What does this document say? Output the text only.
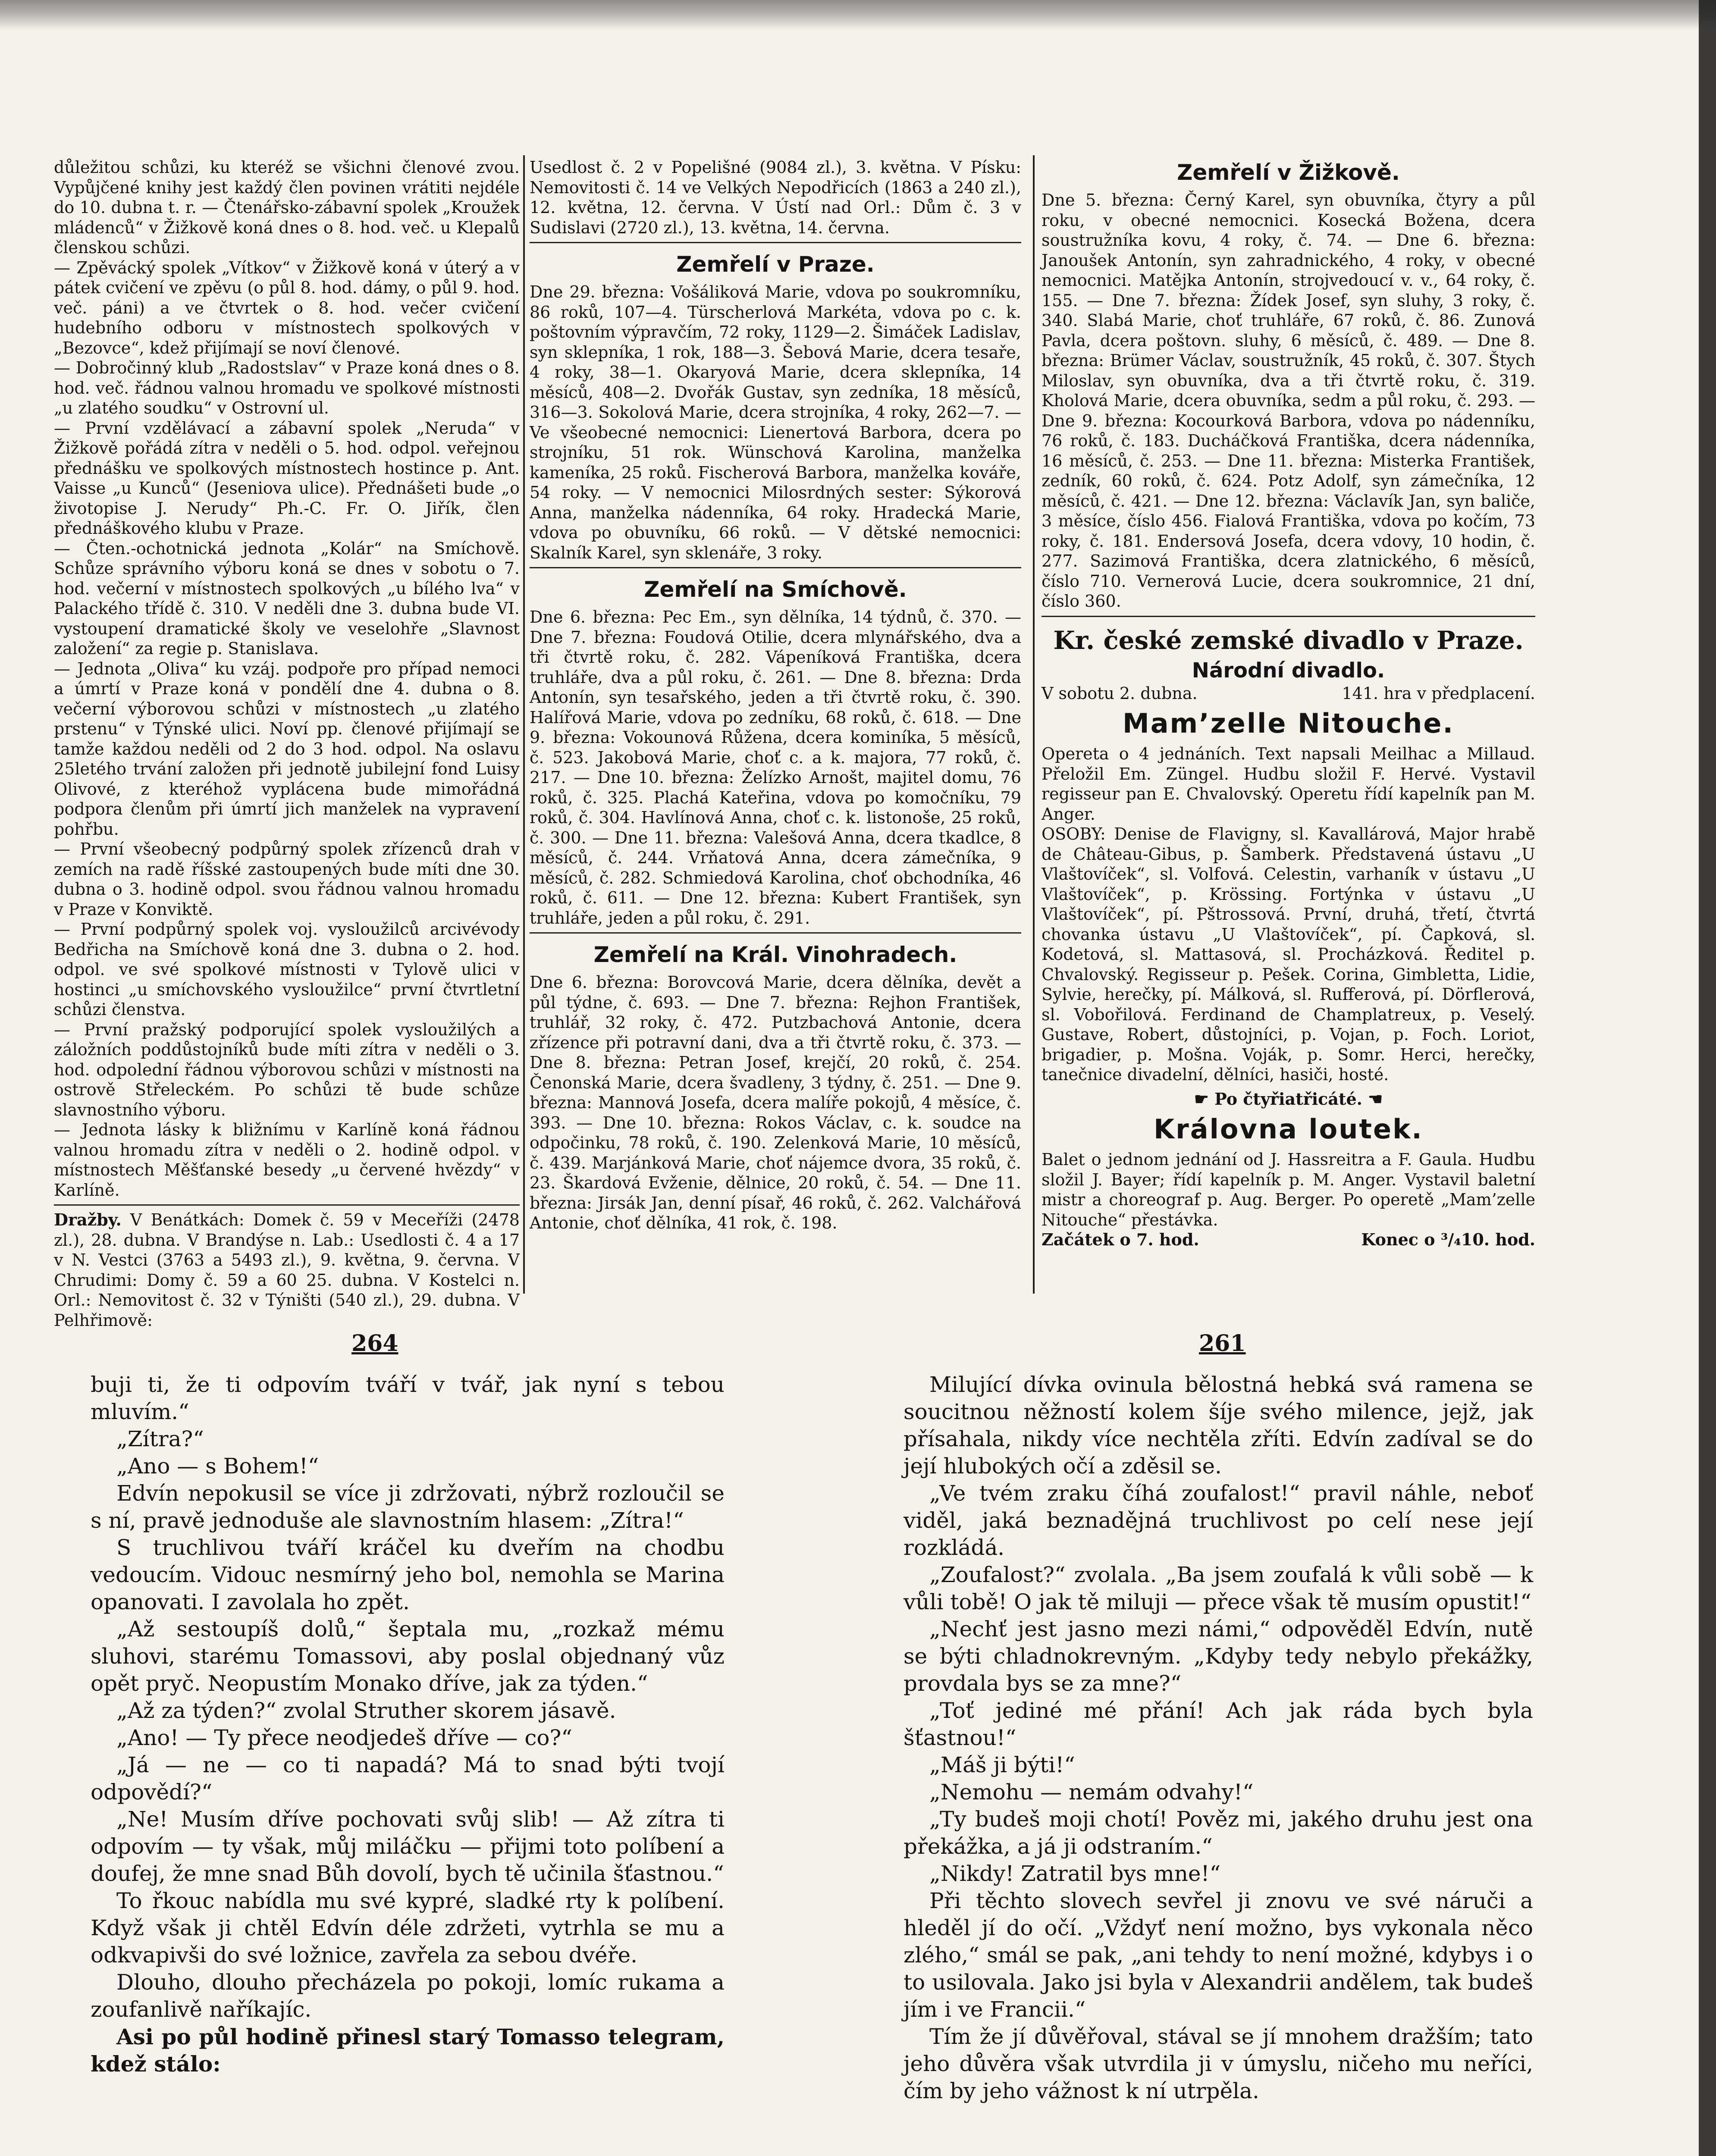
důležitou schůzi, ku kteréž se všichni členové zvou. Vypůjčené knihy jest každý člen povinen vrátiti nejdéle do 10. dubna t. r. — Čtenářsko-zábavní spolek „Kroužek mládenců“ v Žižkově koná dnes o 8. hod. več. u Klepalů členskou schůzi.

— Zpěvácký spolek „Vítkov“ v Žižkově koná v úterý a v pátek cvičení ve zpěvu (o půl 8. hod. dámy, o půl 9. hod. več. páni) a ve čtvrtek o 8. hod. večer cvičení hudebního odboru v místnostech spolkových v „Bezovce“, kdež přijímají se noví členové.

— Dobročinný klub „Radostslav“ v Praze koná dnes o 8. hod. več. řádnou valnou hromadu ve spolkové místnosti „u zlatého soudku“ v Ostrovní ul.

— První vzdělávací a zábavní spolek „Neruda“ v Žižkově pořádá zítra v neděli o 5. hod. odpol. veřejnou přednášku ve spolkových místnostech hostince p. Ant. Vaisse „u Kunců“ (Jeseniova ulice). Přednášeti bude „o životopise J. Nerudy“ Ph.-C. Fr. O. Jiřík, člen přednáškového klubu v Praze.

— Čten.-ochotnická jednota „Kolár“ na Smíchově. Schůze správního výboru koná se dnes v sobotu o 7. hod. večerní v místnostech spolkových „u bílého lva“ v Palackého třídě č. 310. V neděli dne 3. dubna bude VI. vystoupení dramatické školy ve veselohře „Slavnost založení“ za regie p. Stanislava.

— Jednota „Oliva“ ku vzáj. podpoře pro případ nemoci a úmrtí v Praze koná v pondělí dne 4. dubna o 8. večerní výborovou schůzi v místnostech „u zlatého prstenu“ v Týnské ulici. Noví pp. členové přijímají se tamže každou neděli od 2 do 3 hod. odpol. Na oslavu 25letého trvání založen při jednotě jubilejní fond Luisy Olivové, z kteréhož vyplácena bude mimořádná podpora členům při úmrtí jich manželek na vypravení pohřbu.

— První všeobecný podpůrný spolek zřízenců drah v zemích na radě říšské zastoupených bude míti dne 30. dubna o 3. hodině odpol. svou řádnou valnou hromadu v Praze v Konviktě.

— První podpůrný spolek voj. vysloužilců arcivévody Bedřicha na Smíchově koná dne 3. dubna o 2. hod. odpol. ve své spolkové místnosti v Tylově ulici v hostinci „u smíchovského vysloužilce“ první čtvrtletní schůzi členstva.

— První pražský podporující spolek vysloužilých a záložních poddůstojníků bude míti zítra v neděli o 3. hod. odpolední řádnou výborovou schůzi v místnosti na ostrově Střeleckém. Po schůzi tě bude schůze slavnostního výboru.

— Jednota lásky k bližnímu v Karlíně koná řádnou valnou hromadu zítra v neděli o 2. hodině odpol. v místnostech Měšťanské besedy „u červené hvězdy“ v Karlíně.

Dražby. V Benátkách: Domek č. 59 v Meceříži (2478 zl.), 28. dubna. V Brandýse n. Lab.: Usedlosti č. 4 a 17 v N. Vestci (3763 a 5493 zl.), 9. května, 9. června. V Chrudimi: Domy č. 59 a 60 25. dubna. V Kostelci n. Orl.: Nemovitost č. 32 v Týništi (540 zl.), 29. dubna. V Pelhřimově:

Usedlost č. 2 v Popelišné (9084 zl.), 3. května. V Písku: Nemovitosti č. 14 ve Velkých Nepodřicích (1863 a 240 zl.), 12. května, 12. června. V Ústí nad Orl.: Dům č. 3 v Sudislavi (2720 zl.), 13. května, 14. června.

Zemřelí v Praze.

Dne 29. března: Vošáliková Marie, vdova po soukromníku, 86 roků, 107—4. Türscherlová Markéta, vdova po c. k. poštovním výpravčím, 72 roky, 1129—2. Šimáček Ladislav, syn sklepníka, 1 rok, 188—3. Šebová Marie, dcera tesaře, 4 roky, 38—1. Okaryová Marie, dcera sklepníka, 14 měsíců, 408—2. Dvořák Gustav, syn zedníka, 18 měsíců, 316—3. Sokolová Marie, dcera strojníka, 4 roky, 262—7. — Ve všeobecné nemocnici: Lienertová Barbora, dcera po strojníku, 51 rok. Wünschová Karolina, manželka kameníka, 25 roků. Fischerová Barbora, manželka kováře, 54 roky. — V nemocnici Milosrdných sester: Sýkorová Anna, manželka nádenníka, 64 roky. Hradecká Marie, vdova po obuvníku, 66 roků. — V dětské nemocnici: Skalník Karel, syn sklenáře, 3 roky.

Zemřelí na Smíchově.

Dne 6. března: Pec Em., syn dělníka, 14 týdnů, č. 370. — Dne 7. března: Foudová Otilie, dcera mlynářského, dva a tři čtvrtě roku, č. 282. Vápeníková Františka, dcera truhláře, dva a půl roku, č. 261. — Dne 8. března: Drda Antonín, syn tesařského, jeden a tři čtvrtě roku, č. 390. Halířová Marie, vdova po zedníku, 68 roků, č. 618. — Dne 9. března: Vokounová Růžena, dcera kominíka, 5 měsíců, č. 523. Jakobová Marie, choť c. a k. majora, 77 roků, č. 217. — Dne 10. března: Želízko Arnošt, majitel domu, 76 roků, č. 325. Plachá Kateřina, vdova po komočníku, 79 roků, č. 304. Havlínová Anna, choť c. k. listonoše, 25 roků, č. 300. — Dne 11. března: Valešová Anna, dcera tkadlce, 8 měsíců, č. 244. Vrňatová Anna, dcera zámečníka, 9 měsíců, č. 282. Schmiedová Karolina, choť obchodníka, 46 roků, č. 611. — Dne 12. března: Kubert František, syn truhláře, jeden a půl roku, č. 291.

Zemřelí na Král. Vinohradech.

Dne 6. března: Borovcová Marie, dcera dělníka, devět a půl týdne, č. 693. — Dne 7. března: Rejhon František, truhlář, 32 roky, č. 472. Putzbachová Antonie, dcera zřízence při potravní dani, dva a tři čtvrtě roku, č. 373. — Dne 8. března: Petran Josef, krejčí, 20 roků, č. 254. Čenonská Marie, dcera švadleny, 3 týdny, č. 251. — Dne 9. března: Mannová Josefa, dcera malíře pokojů, 4 měsíce, č. 393. — Dne 10. března: Rokos Václav, c. k. soudce na odpočinku, 78 roků, č. 190. Zelenková Marie, 10 měsíců, č. 439. Marjánková Marie, choť nájemce dvora, 35 roků, č. 23. Škardová Evženie, dělnice, 20 roků, č. 54. — Dne 11. března: Jirsák Jan, denní písař, 46 roků, č. 262. Valchářová Antonie, choť dělníka, 41 rok, č. 198.

Zemřelí v Žižkově.

Dne 5. března: Černý Karel, syn obuvníka, čtyry a půl roku, v obecné nemocnici. Kosecká Božena, dcera soustružníka kovu, 4 roky, č. 74. — Dne 6. března: Janoušek Antonín, syn zahradnického, 4 roky, v obecné nemocnici. Matějka Antonín, strojvedoucí v. v., 64 roky, č. 155. — Dne 7. března: Žídek Josef, syn sluhy, 3 roky, č. 340. Slabá Marie, choť truhláře, 67 roků, č. 86. Zunová Pavla, dcera poštovn. sluhy, 6 měsíců, č. 489. — Dne 8. března: Brümer Václav, soustružník, 45 roků, č. 307. Štych Miloslav, syn obuvníka, dva a tři čtvrtě roku, č. 319. Kholová Marie, dcera obuvníka, sedm a půl roku, č. 293. — Dne 9. března: Kocourková Barbora, vdova po nádenníku, 76 roků, č. 183. Ducháčková Františka, dcera nádenníka, 16 měsíců, č. 253. — Dne 11. března: Misterka František, zedník, 60 roků, č. 624. Potz Adolf, syn zámečníka, 12 měsíců, č. 421. — Dne 12. března: Václavík Jan, syn baliče, 3 měsíce, číslo 456. Fialová Františka, vdova po kočím, 73 roky, č. 181. Endersová Josefa, dcera vdovy, 10 hodin, č. 277. Sazimová Františka, dcera zlatnického, 6 měsíců, číslo 710. Vernerová Lucie, dcera soukromnice, 21 dní, číslo 360.

Kr. české zemské divadlo v Praze.
Národní divadlo.
V sobotu 2. dubna.	141. hra v předplacení.
Mam’zelle Nitouche.

Opereta o 4 jednáních. Text napsali Meilhac a Millaud. Přeložil Em. Züngel. Hudbu složil F. Hervé. Vystavil regisseur pan E. Chvalovský. Operetu řídí kapelník pan M. Anger.

OSOBY: Denise de Flavigny, sl. Kavallárová, Major hrabě de Château-Gibus, p. Šamberk. Představená ústavu „U Vlaštovíček“, sl. Volfová. Celestin, varhaník v ústavu „U Vlaštovíček“, p. Krössing. Fortýnka v ústavu „U Vlaštovíček“, pí. Pštrossová. První, druhá, třetí, čtvrtá chovanka ústavu „U Vlaštovíček“, pí. Čapková, sl. Kodetová, sl. Mattasová, sl. Procházková. Ředitel p. Chvalovský. Regisseur p. Pešek. Corina, Gimbletta, Lidie, Sylvie, herečky, pí. Málková, sl. Rufferová, pí. Dörflerová, sl. Vobořilová. Ferdinand de Champlatreux, p. Veselý. Gustave, Robert, důstojníci, p. Vojan, p. Foch. Loriot, brigadier, p. Mošna. Voják, p. Somr. Herci, herečky, tanečnice divadelní, dělníci, hasiči, hosté.

☛ Po čtyřiatřicáté. ☚
Královna loutek.

Balet o jednom jednání od J. Hassreitra a F. Gaula. Hudbu složil J. Bayer; řídí kapelník p. M. Anger. Vystavil baletní mistr a choreograf p. Aug. Berger. Po operetě „Mam’zelle Nitouche“ přestávka.

Začátek o 7. hod.	Konec o ³/₄10. hod.
264	261

buji ti, že ti odpovím tváří v tvář, jak nyní s tebou mluvím.“

„Zítra?“

„Ano — s Bohem!“

Edvín nepokusil se více ji zdržovati, nýbrž rozloučil se s ní, pravě jednoduše ale slavnostním hlasem: „Zítra!“

S truchlivou tváří kráčel ku dveřím na chodbu vedoucím. Vidouc nesmírný jeho bol, nemohla se Marina opanovati. I zavolala ho zpět.

„Až sestoupíš dolů,“ šeptala mu, „rozkaž mému sluhovi, starému Tomassovi, aby poslal objednaný vůz opět pryč. Neopustím Monako dříve, jak za týden.“

„Až za týden?“ zvolal Struther skorem jásavě.

„Ano! — Ty přece neodjedeš dříve — co?“

„Já — ne — co ti napadá? Má to snad býti tvojí odpovědí?“

„Ne! Musím dříve pochovati svůj slib! — Až zítra ti odpovím — ty však, můj miláčku — přijmi toto políbení a doufej, že mne snad Bůh dovolí, bych tě učinila šťastnou.“

To řkouc nabídla mu své kypré, sladké rty k políbení. Když však ji chtěl Edvín déle zdržeti, vytrhla se mu a odkvapivši do své ložnice, zavřela za sebou dvéře.

Dlouho, dlouho přecházela po pokoji, lomíc rukama a zoufanlivě naříkajíc.

Asi po půl hodině přinesl starý Tomasso telegram, kdež stálo:

Milující dívka ovinula bělostná hebká svá ramena se soucitnou něžností kolem šíje svého milence, jejž, jak přísahala, nikdy více nechtěla zříti. Edvín zadíval se do její hlubokých očí a zděsil se.

„Ve tvém zraku číhá zoufalost!“ pravil náhle, neboť viděl, jaká beznadějná truchlivost po celí nese její rozkládá.

„Zoufalost?“ zvolala. „Ba jsem zoufalá k vůli sobě — k vůli tobě! O jak tě miluji — přece však tě musím opustit!“

„Nechť jest jasno mezi námi,“ odpověděl Edvín, nutě se býti chladnokrevným. „Kdyby tedy nebylo překážky, provdala bys se za mne?“

„Toť jediné mé přání! Ach jak ráda bych byla šťastnou!“

„Máš ji býti!“

„Nemohu — nemám odvahy!“

„Ty budeš moji chotí! Pověz mi, jakého druhu jest ona překážka, a já ji odstraním.“

„Nikdy! Zatratil bys mne!“

Při těchto slovech sevřel ji znovu ve své náruči a hleděl jí do očí. „Vždyť není možno, bys vykonala něco zlého,“ smál se pak, „ani tehdy to není možné, kdybys i o to usilovala. Jako jsi byla v Alexandrii andělem, tak budeš jím i ve Francii.“

Tím že jí důvěřoval, stával se jí mnohem dražším; tato jeho důvěra však utvrdila ji v úmyslu, ničeho mu neříci, čím by jeho vážnost k ní utrpěla.
